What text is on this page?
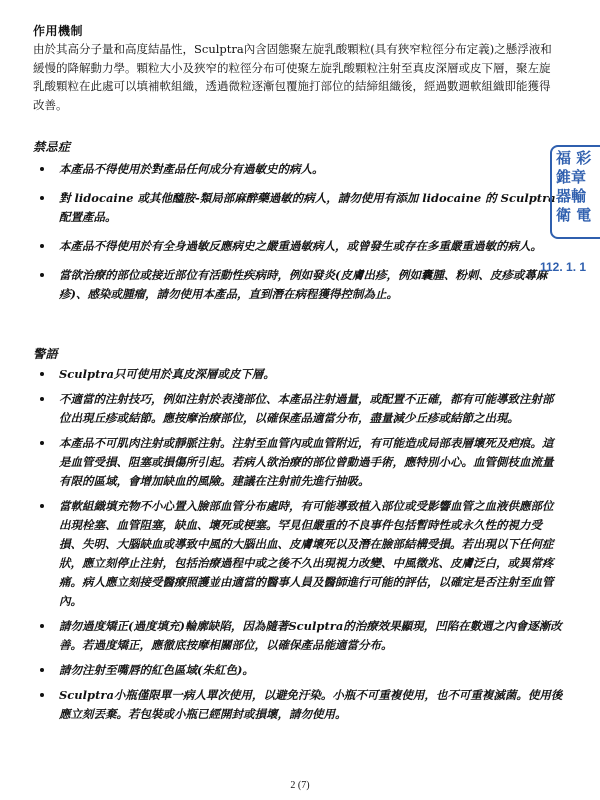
作用機制
由於其高分子量和高度結晶性，Sculptra內含固態聚左旋乳酸顆粒(具有狹窄粒徑分布定義)之懸浮液和緩慢的降解動力學。顆粒大小及狹窄的粒徑分布可使聚左旋乳酸顆粒注射至真皮深層或皮下層，聚左旋乳酸顆粒在此處可以填補軟組織，透過微粒逐漸包覆施打部位的結締組織後，經過數週軟組織即能獲得改善。
禁忌症
本產品不得使用於對產品任何成分有過敏史的病人。
對 lidocaine 或其他醯胺-類局部麻醉藥過敏的病人，請勿使用有添加 lidocaine 的 Sculptra 配置產品。
本產品不得使用於有全身過敏反應病史之嚴重過敏病人，或曾發生或存在多重嚴重過敏的病人。
當欲治療的部位或接近部位有活動性疾病時，例如發炎(皮膚出疹，例如囊腫、粉刺、皮疹或蕁麻疹)、感染或腫瘤，請勿使用本產品，直到潛在病程獲得控制為止。
警語
Sculptra只可使用於真皮深層或皮下層。
不適當的注射技巧，例如注射於表淺部位、本產品注射過量，或配置不正確，都有可能導致注射部位出現丘疹或結節。應按摩治療部位，以確保產品適當分布，盡量減少丘疹或結節之出現。
本產品不可肌肉注射或靜脈注射。注射至血管內或血管附近，有可能造成局部表層壞死及疤痕。這是血管受損、阻塞或損傷所引起。若病人欲治療的部位曾動過手術，應特別小心。血管側枝血流量有限的區域，會增加缺血的風險。建議在注射前先進行抽吸。
當軟組織填充物不小心置入臉部血管分布處時，有可能導致植入部位或受影響血管之血液供應部位出現栓塞、血管阻塞，缺血、壞死或梗塞。罕見但嚴重的不良事件包括暫時性或永久性的視力受損、失明、大腦缺血或導致中風的大腦出血、皮膚壞死以及潛在臉部結構受損。若出現以下任何症狀，應立刻停止注射，包括治療過程中或之後不久出現視力改變、中風徵兆、皮膚泛白，或異常疼痛。病人應立刻接受醫療照護並由適當的醫事人員及醫師進行可能的評估，以確定是否注射至血管內。
請勿過度矯正(過度填充)輪廓缺陷，因為隨著Sculptra的治療效果顯現，凹陷在數週之內會逐漸改善。若過度矯正，應徹底按摩相關部位，以確保產品能適當分布。
請勿注射至嘴唇的紅色區域(朱紅色)。
Sculptra小瓶僅限單一病人單次使用，以避免汙染。小瓶不可重複使用，也不可重複滅菌。使用後應立刻丟棄。若包裝或小瓶已經開封或損壞，請勿使用。
福 彩
錐章
器輸
衛 電
112. 1. 1
2 (7)
